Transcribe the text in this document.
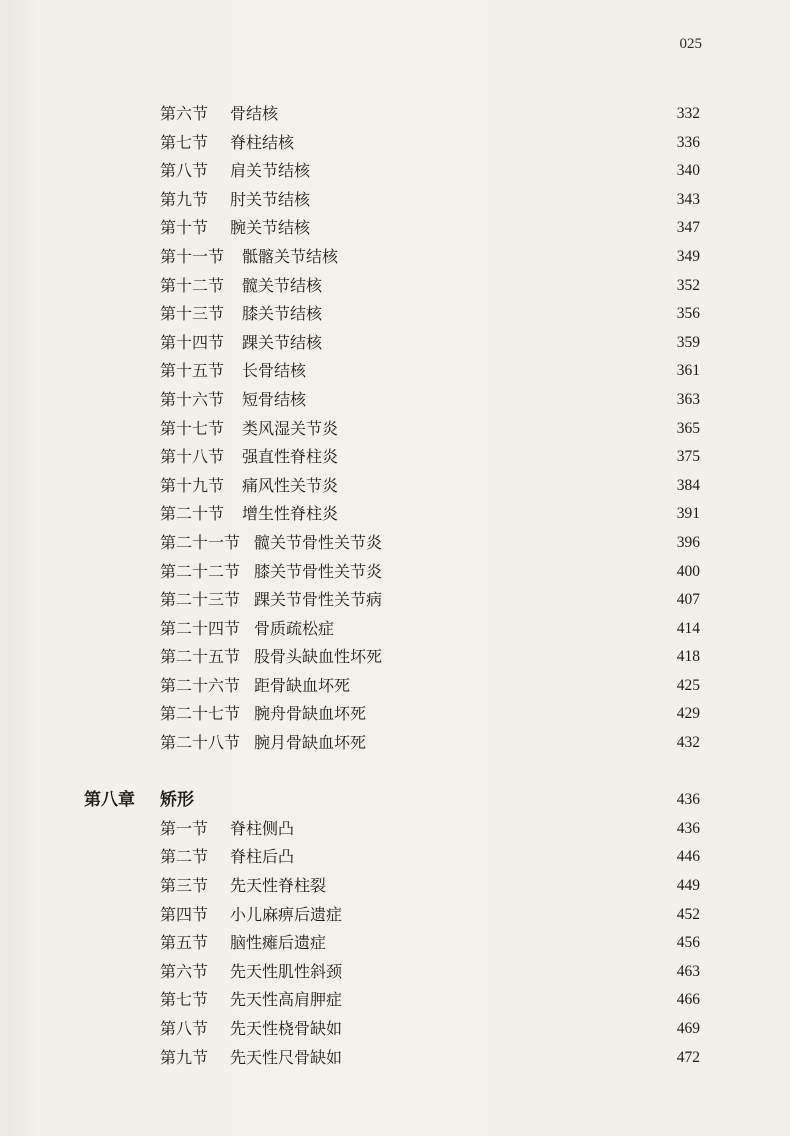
025
第六节 骨结核	332
第七节 脊柱结核	336
第八节 肩关节结核	340
第九节 肘关节结核	343
第十节 腕关节结核	347
第十一节 骶髂关节结核	349
第十二节 髋关节结核	352
第十三节 膝关节结核	356
第十四节 踝关节结核	359
第十五节 长骨结核	361
第十六节 短骨结核	363
第十七节 类风湿关节炎	365
第十八节 强直性脊柱炎	375
第十九节 痛风性关节炎	384
第二十节 增生性脊柱炎	391
第二十一节 髋关节骨性关节炎	396
第二十二节 膝关节骨性关节炎	400
第二十三节 踝关节骨性关节病	407
第二十四节 骨质疏松症	414
第二十五节 股骨头缺血性坏死	418
第二十六节 距骨缺血坏死	425
第二十七节 腕舟骨缺血坏死	429
第二十八节 腕月骨缺血坏死	432
第八章 矫形	436
第一节 脊柱侧凸	436
第二节 脊柱后凸	446
第三节 先天性脊柱裂	449
第四节 小儿麻痹后遗症	452
第五节 脑性瘫后遗症	456
第六节 先天性肌性斜颈	463
第七节 先天性高肩胛症	466
第八节 先天性桡骨缺如	469
第九节 先天性尺骨缺如	472
